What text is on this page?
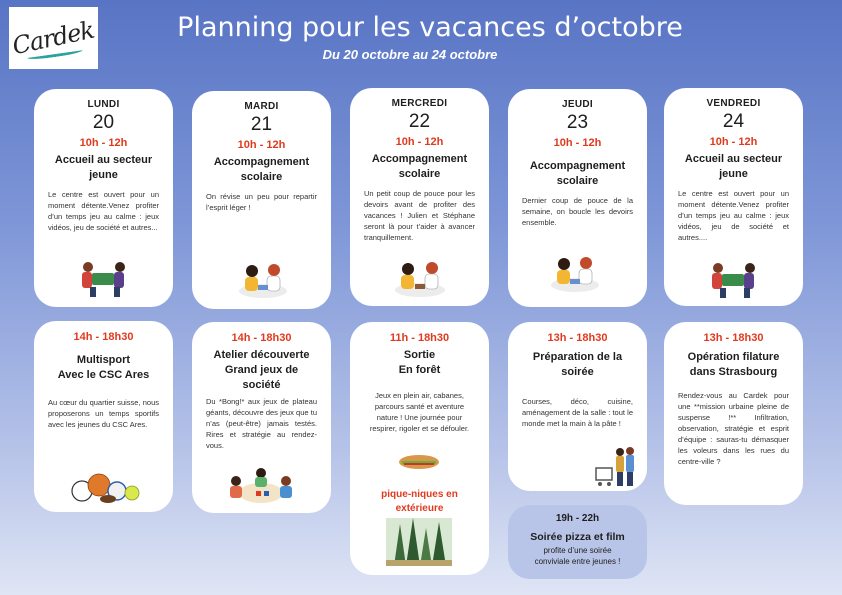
Cardek	Planning pour les vacances d’octobre
Du 20 octobre au 24 octobre
LUNDI
20
10h - 12h
Accueil au secteur
jeune
Le centre est ouvert pour un moment détente.Venez profiter d’un temps jeu au calme : jeux vidéos, jeu de société et autres...
MARDI
21
10h - 12h
Accompagnement
scolaire
On révise un peu pour repartir l’esprit léger !
MERCREDI
22
10h - 12h
Accompagnement
scolaire
Un petit coup de pouce pour les devoirs avant de profiter des vacances ! Julien et Stéphane seront là pour t’aider à avancer tranquillement.
JEUDI
23
10h - 12h
Accompagnement
scolaire
Dernier coup de pouce de la semaine, on boucle les devoirs ensemble.
VENDREDI
24
10h - 12h
Accueil au secteur
jeune
Le centre est ouvert pour un moment détente.Venez profiter d’un temps jeu au calme : jeux vidéos, jeu de société et autres....
14h - 18h30
Multisport
Avec le CSC Ares
Au cœur du quartier suisse, nous proposerons un temps sportifs avec les jeunes du CSC Ares.
14h - 18h30
Atelier découverte
Grand jeux de
société
Du *Bong!* aux jeux de plateau géants, découvre des jeux que tu n’as (peut-être) jamais testés. Rires et stratégie au rendez-vous.
11h - 18h30
Sortie
En forêt
Jeux en plein air, cabanes, parcours santé et aventure nature ! Une journée pour respirer, rigoler et se défouler.
pique-niques en
extérieure
13h - 18h30
Préparation de la
soirée
Courses, déco, cuisine, aménagement de la salle : tout le monde met la main à la pâte !
19h - 22h
Soirée pizza et film
profite d’une soirée conviviale entre jeunes !
13h - 18h30
Opération filature
dans Strasbourg
Rendez-vous au Cardek pour une **mission urbaine pleine de suspense !** Infiltration, observation, stratégie et esprit d’équipe : sauras-tu démasquer les voleurs dans les rues du centre-ville ?
